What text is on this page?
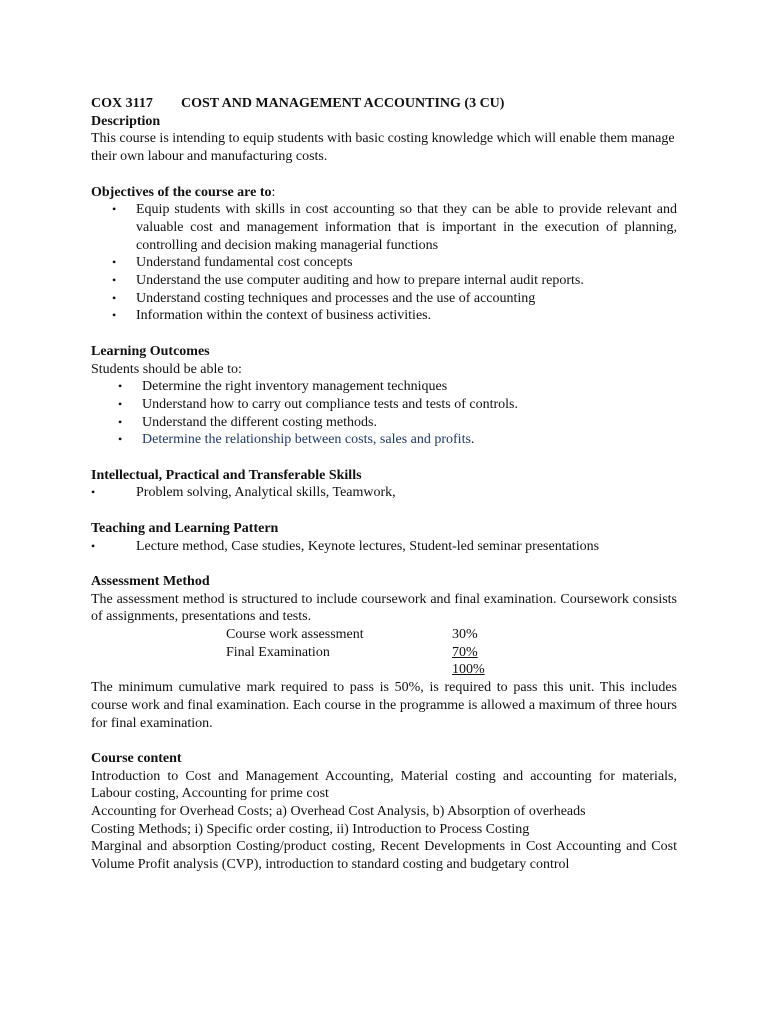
COX 3117	COST AND MANAGEMENT ACCOUNTING (3 CU)
Description
This course is intending to equip students with basic costing knowledge which will enable them manage their own labour and manufacturing costs.
Objectives of the course are to:
• Equip students with skills in cost accounting so that they can be able to provide relevant and valuable cost and management information that is important in the execution of planning, controlling and decision making managerial functions
• Understand fundamental cost concepts
• Understand the use computer auditing and how to prepare internal audit reports.
• Understand costing techniques and processes and the use of accounting
• Information within the context of business activities.
Learning Outcomes
Students should be able to:
• Determine the right inventory management techniques
• Understand how to carry out compliance tests and tests of controls.
• Understand the different costing methods.
• Determine the relationship between costs, sales and profits.
Intellectual, Practical and Transferable Skills
•	Problem solving, Analytical skills, Teamwork,
Teaching and Learning Pattern
•	Lecture method, Case studies, Keynote lectures, Student-led seminar presentations
Assessment Method
The assessment method is structured to include coursework and final examination. Coursework consists of assignments, presentations and tests.
Course work assessment	30%
Final Examination	70%
100%
The minimum cumulative mark required to pass is 50%, is required to pass this unit. This includes course work and final examination. Each course in the programme is allowed a maximum of three hours for final examination.
Course content
Introduction to Cost and Management Accounting, Material costing and accounting for materials, Labour costing, Accounting for prime cost
Accounting for Overhead Costs; a) Overhead Cost Analysis, b) Absorption of overheads
Costing Methods; i) Specific order costing, ii) Introduction to Process Costing
Marginal and absorption Costing/product costing, Recent Developments in Cost Accounting and Cost Volume Profit analysis (CVP), introduction to standard costing and budgetary control
